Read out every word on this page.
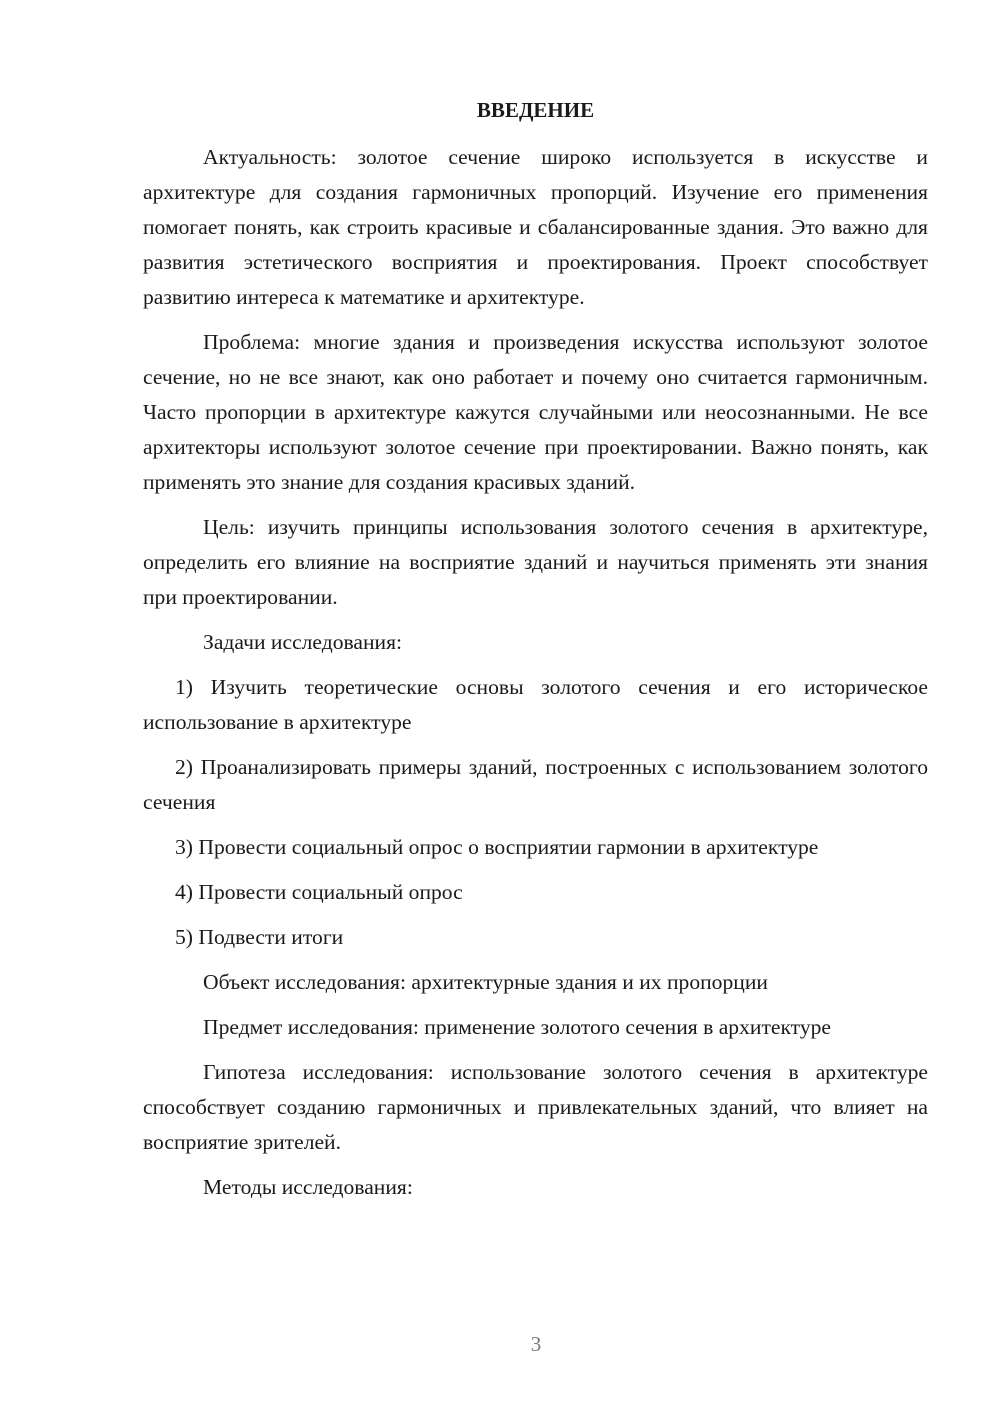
ВВЕДЕНИЕ

Актуальность: золотое сечение широко используется в искусстве и архитектуре для создания гармоничных пропорций. Изучение его применения помогает понять, как строить красивые и сбалансированные здания. Это важно для развития эстетического восприятия и проектирования. Проект способствует развитию интереса к математике и архитектуре.

Проблема: многие здания и произведения искусства используют золотое сечение, но не все знают, как оно работает и почему оно считается гармоничным. Часто пропорции в архитектуре кажутся случайными или неосознанными. Не все архитекторы используют золотое сечение при проектировании. Важно понять, как применять это знание для создания красивых зданий.

Цель: изучить принципы использования золотого сечения в архитектуре, определить его влияние на восприятие зданий и научиться применять эти знания при проектировании.

Задачи исследования:

1) Изучить теоретические основы золотого сечения и его историческое использование в архитектуре

2) Проанализировать примеры зданий, построенных с использованием золотого сечения

3) Провести социальный опрос о восприятии гармонии в архитектуре

4) Провести социальный опрос

5) Подвести итоги

Объект исследования: архитектурные здания и их пропорции

Предмет исследования: применение золотого сечения в архитектуре

Гипотеза исследования: использование золотого сечения в архитектуре способствует созданию гармоничных и привлекательных зданий, что влияет на восприятие зрителей.

Методы исследования:

3
